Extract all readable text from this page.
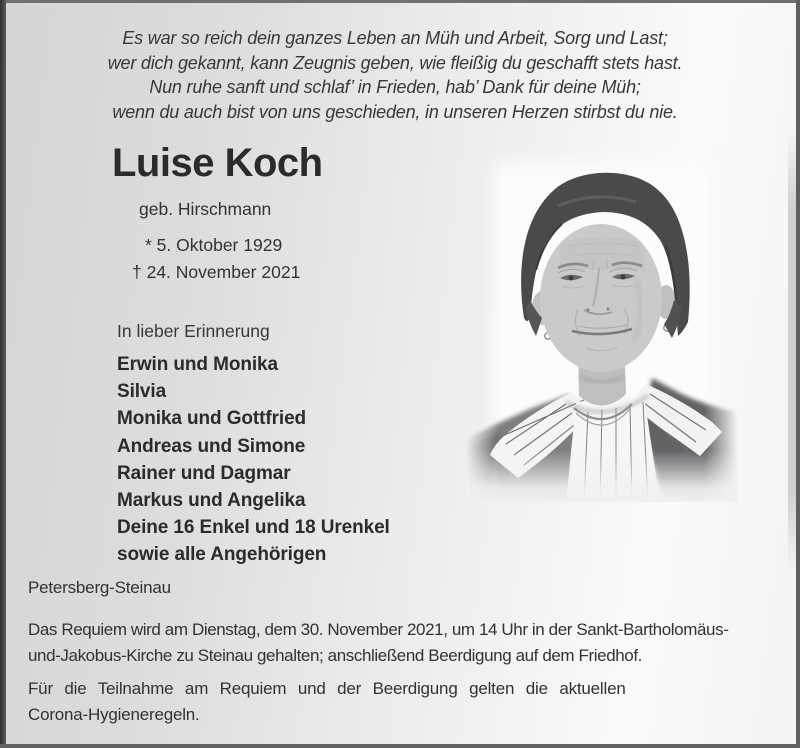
Es war so reich dein ganzes Leben an Müh und Arbeit, Sorg und Last;
wer dich gekannt, kann Zeugnis geben, wie fleißig du geschafft stets hast.
Nun ruhe sanft und schlaf’ in Frieden, hab’ Dank für deine Müh;
wenn du auch bist von uns geschieden, in unseren Herzen stirbst du nie.
Luise Koch
geb. Hirschmann
* 5. Oktober 1929
† 24. November 2021
In lieber Erinnerung
Erwin und Monika
Silvia
Monika und Gottfried
Andreas und Simone
Rainer und Dagmar
Markus und Angelika
Deine 16 Enkel und 18 Urenkel
sowie alle Angehörigen
Petersberg-Steinau
Das Requiem wird am Dienstag, dem 30. November 2021, um 14 Uhr in der Sankt-Bartholomäus-
und-Jakobus-Kirche zu Steinau gehalten; anschließend Beerdigung auf dem Friedhof.
Für die Teilnahme am Requiem und der Beerdigung gelten die aktuellen
Corona-Hygieneregeln.
